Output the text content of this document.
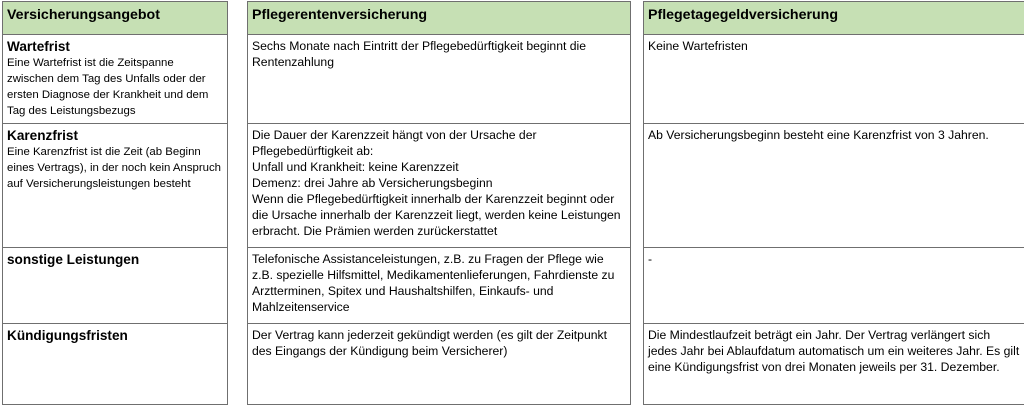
Versicherungsangebot
Wartefrist
Eine Wartefrist ist die Zeitspanne zwischen dem Tag des Unfalls oder der ersten Diagnose der Krankheit und dem Tag des Leistungsbezugs
Karenzfrist
Eine Karenzfrist ist die Zeit (ab Beginn eines Vertrags), in der noch kein Anspruch auf Versicherungsleistungen besteht
sonstige Leistungen
Kündigungsfristen
Pflegerentenversicherung
Sechs Monate nach Eintritt der Pflegebedürftigkeit beginnt die Rentenzahlung
Die Dauer der Karenzzeit hängt von der Ursache der Pflegebedürftigkeit ab:
Unfall und Krankheit: keine Karenzzeit
Demenz: drei Jahre ab Versicherungsbeginn
Wenn die Pflegebedürftigkeit innerhalb der Karenzzeit beginnt oder die Ursache innerhalb der Karenzzeit liegt, werden keine Leistungen erbracht. Die Prämien werden zurückerstattet
Telefonische Assistanceleistungen, z.B. zu Fragen der Pflege wie z.B. spezielle Hilfsmittel, Medikamentenlieferungen, Fahrdienste zu Arztterminen, Spitex und Haushaltshilfen, Einkaufs- und Mahlzeitenservice
Der Vertrag kann jederzeit gekündigt werden (es gilt der Zeitpunkt des Eingangs der Kündigung beim Versicherer)
Pflegetagegeldversicherung
Keine Wartefristen
Ab Versicherungsbeginn besteht eine Karenzfrist von 3 Jahren.
-
Die Mindestlaufzeit beträgt ein Jahr. Der Vertrag verlängert sich jedes Jahr bei Ablaufdatum automatisch um ein weiteres Jahr. Es gilt eine Kündigungsfrist von drei Monaten jeweils per 31. Dezember.
